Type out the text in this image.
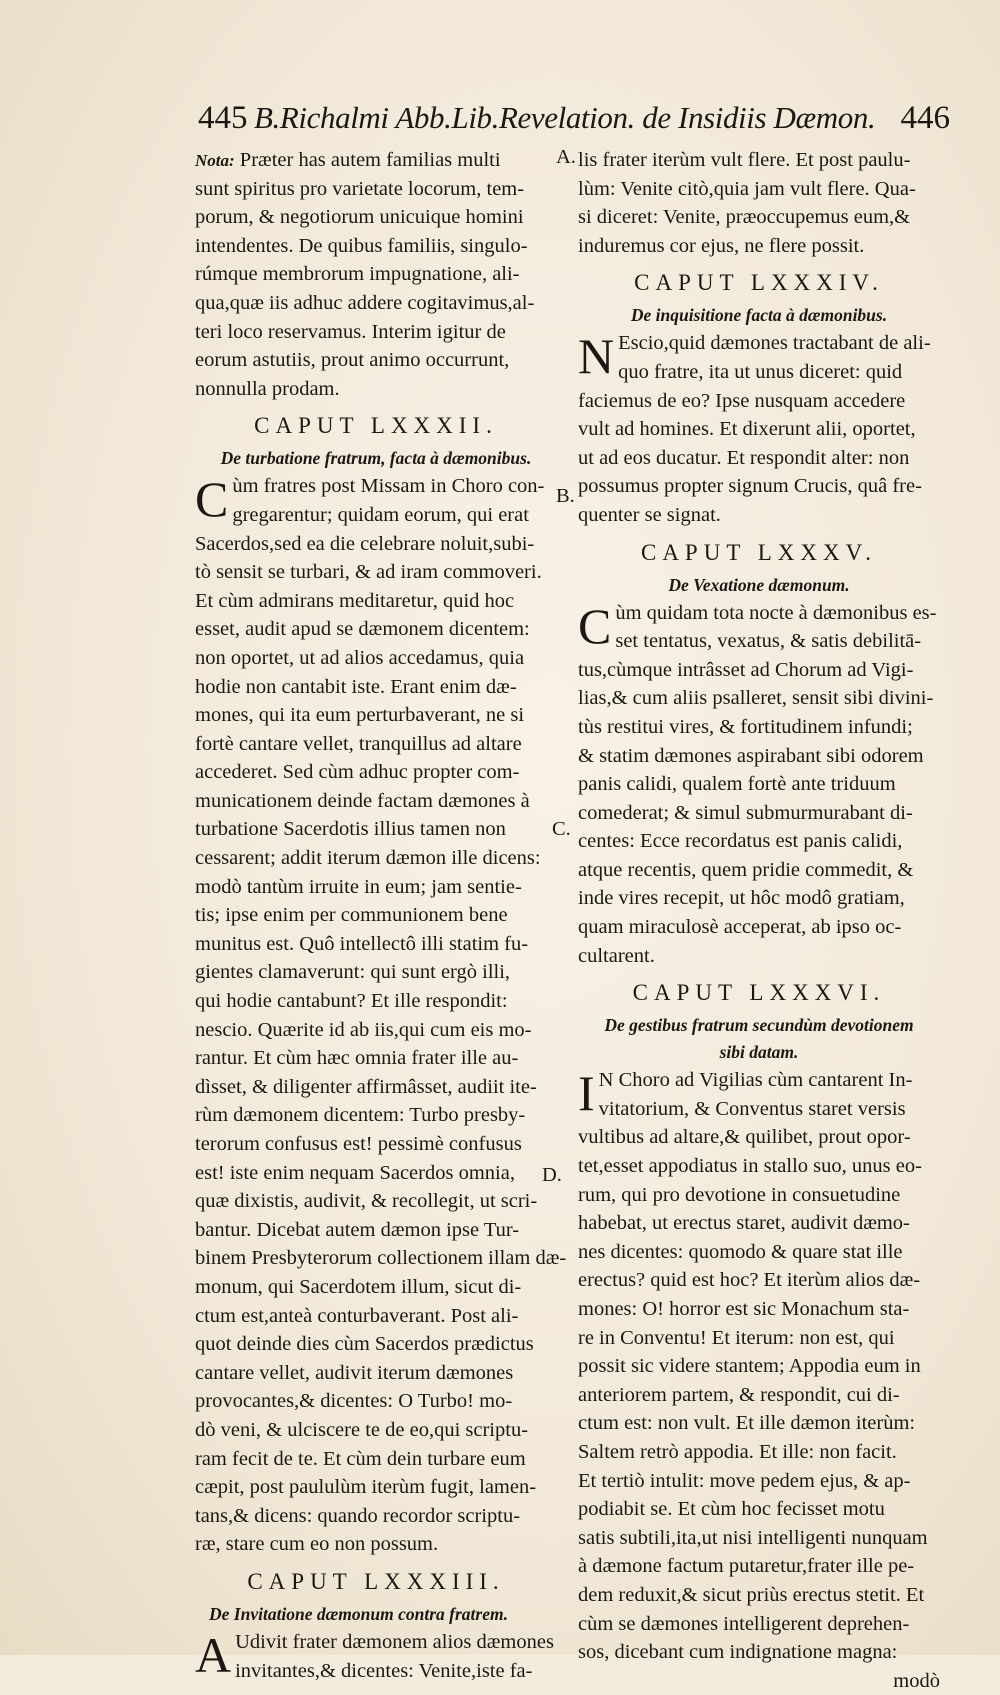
445 B.Richalmi Abb.Lib.Revelation. de Insidiis Dæmon. 446
Nota: Præter has autem familias multi
sunt spiritus pro varietate locorum, tem-
porum, & negotiorum unicuique homini
intendentes. De quibus familiis, singulo-
rúmque membrorum impugnatione, ali-
qua,quæ iis adhuc addere cogitavimus,al-
teri loco reservamus. Interim igitur de
eorum astutiis, prout animo occurrunt,
nonnulla prodam.
CAPUT LXXXII.
De turbatione fratrum, facta à dæmonibus.
C ùm fratres post Missam in Choro con-
gregarentur; quidam eorum, qui erat
Sacerdos,sed ea die celebrare noluit,subi-
tò sensit se turbari, & ad iram commoveri.
Et cùm admirans meditaretur, quid hoc
esset, audit apud se dæmonem dicentem:
non oportet, ut ad alios accedamus, quia
hodie non cantabit iste. Erant enim dæ-
mones, qui ita eum perturbaverant, ne si
fortè cantare vellet, tranquillus ad altare
accederet. Sed cùm adhuc propter com-
municationem deinde factam dæmones à
turbatione Sacerdotis illius tamen non
cessarent; addit iterum dæmon ille dicens:
modò tantùm irruite in eum; jam sentie-
tis; ipse enim per communionem bene
munitus est. Quô intellectô illi statim fu-
gientes clamaverunt: qui sunt ergò illi,
qui hodie cantabunt? Et ille respondit:
nescio. Quærite id ab iis,qui cum eis mo-
rantur. Et cùm hæc omnia frater ille au-
dìsset, & diligenter affirmâsset, audiit ite-
rùm dæmonem dicentem: Turbo presby-
terorum confusus est! pessimè confusus
est! iste enim nequam Sacerdos omnia,
quæ dixistis, audivit, & recollegit, ut scri-
bantur. Dicebat autem dæmon ipse Tur-
binem Presbyterorum collectionem illam dæ-
monum, qui Sacerdotem illum, sicut di-
ctum est,anteà conturbaverant. Post ali-
quot deinde dies cùm Sacerdos prædictus
cantare vellet, audivit iterum dæmones
provocantes,& dicentes: O Turbo! mo-
dò veni, & ulciscere te de eo,qui scriptu-
ram fecit de te. Et cùm dein turbare eum
cæpit, post paululùm iterùm fugit, lamen-
tans,& dicens: quando recordor scriptu-
ræ, stare cum eo non possum.
CAPUT LXXXIII.
De Invitatione dæmonum contra fratrem.
A Udivit frater dæmonem alios dæmones
invitantes,& dicentes: Venite,iste fa-
A.
B.
C.
D.
lis frater iterùm vult flere. Et post paulu-
lùm: Venite citò,quia jam vult flere. Qua-
si diceret: Venite, præoccupemus eum,&
induremus cor ejus, ne flere possit.
CAPUT LXXXIV.
De inquisitione facta à dæmonibus.
N Escio,quid dæmones tractabant de ali-
quo fratre, ita ut unus diceret: quid
faciemus de eo? Ipse nusquam accedere
vult ad homines. Et dixerunt alii, oportet,
ut ad eos ducatur. Et respondit alter: non
possumus propter signum Crucis, quâ fre-
quenter se signat.
CAPUT LXXXV.
De Vexatione dæmonum.
C ùm quidam tota nocte à dæmonibus es-
set tentatus, vexatus, & satis debilitā-
tus,cùmque intrâsset ad Chorum ad Vigi-
lias,& cum aliis psalleret, sensit sibi divini-
tùs restitui vires, & fortitudinem infundi;
& statim dæmones aspirabant sibi odorem
panis calidi, qualem fortè ante triduum
comederat; & simul submurmurabant di-
centes: Ecce recordatus est panis calidi,
atque recentis, quem pridie commedit, &
inde vires recepit, ut hôc modô gratiam,
quam miraculosè acceperat, ab ipso oc-
cultarent.
CAPUT LXXXVI.
De gestibus fratrum secundùm devotionem
sibi datam.
I N Choro ad Vigilias cùm cantarent In-
vitatorium, & Conventus staret versis
vultibus ad altare,& quilibet, prout opor-
tet,esset appodiatus in stallo suo, unus eo-
rum, qui pro devotione in consuetudine
habebat, ut erectus staret, audivit dæmo-
nes dicentes: quomodo & quare stat ille
erectus? quid est hoc? Et iterùm alios dæ-
mones: O! horror est sic Monachum sta-
re in Conventu! Et iterum: non est, qui
possit sic videre stantem; Appodia eum in
anteriorem partem, & respondit, cui di-
ctum est: non vult. Et ille dæmon iterùm:
Saltem retrò appodia. Et ille: non facit.
Et tertiò intulit: move pedem ejus, & ap-
podiabit se. Et cùm hoc fecisset motu
satis subtili,ita,ut nisi intelligenti nunquam
à dæmone factum putaretur,frater ille pe-
dem reduxit,& sicut priùs erectus stetit. Et
cùm se dæmones intelligerent deprehen-
sos, dicebant cum indignatione magna:
modò
